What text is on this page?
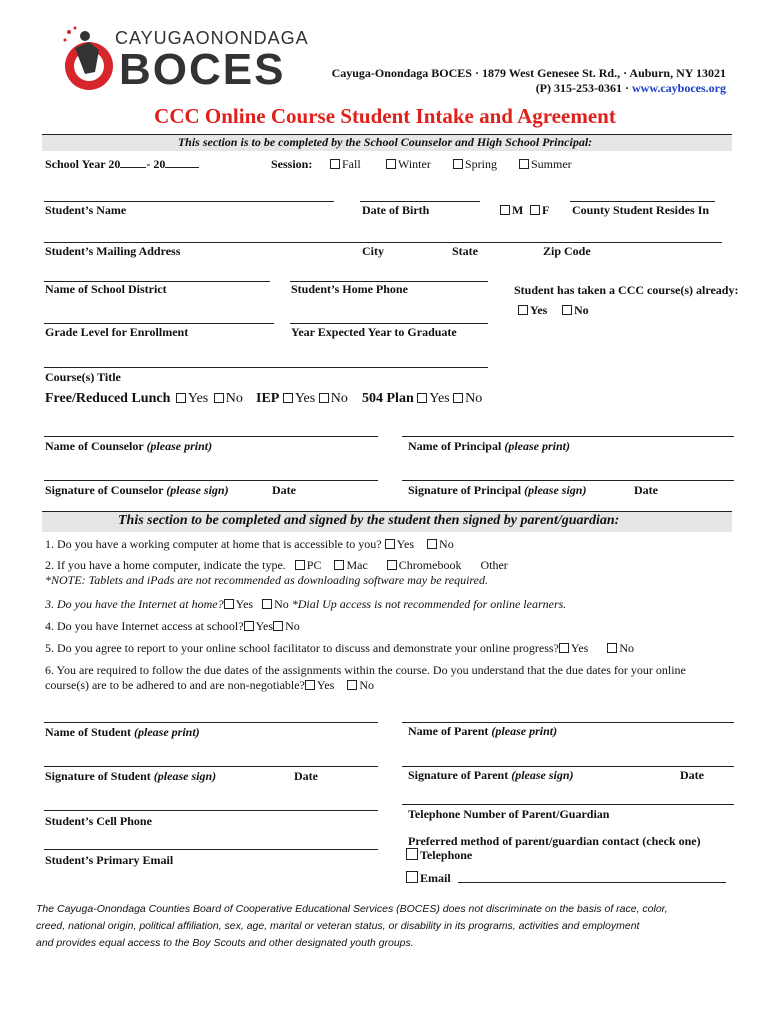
CAYUGAONONDAGA
BOCES	Cayuga-Onondaga BOCES · 1879 West Genesee St. Rd., · Auburn, NY 13021
(P) 315-253-0361 · www.cayboces.org
CCC Online Course Student Intake and Agreement
This section is to be completed by the School Counselor and High School Principal:
School Year 20 - 20	Session:	Fall	Winter	Spring	Summer
Student’s Name	Date of Birth	M	F County Student Resides In
Student’s Mailing Address	City	State	Zip Code
Name of School District	Student’s Home Phone	Student has taken a CCC course(s) already:
Yes	No
Grade Level for Enrollment	Year Expected Year to Graduate
Course(s) Title
Free/Reduced Lunch Yes No IEP Yes No 504 Plan Yes No
Name of Counselor (please print)	Name of Principal (please print)
Signature of Counselor (please sign)	Date	Signature of Principal (please sign)	Date
This section to be completed and signed by the student then signed by parent/guardian:
1. Do you have a working computer at home that is accessible to you? Yes No
2. If you have a home computer, indicate the type. PC Mac	Chromebook Other
*NOTE: Tablets and iPads are not recommended as downloading software may be required.
3. Do you have the Internet at home? Yes No *Dial Up access is not recommended for online learners.
4. Do you have Internet access at school? Yes No
5. Do you agree to report to your online school facilitator to discuss and demonstrate your online progress? Yes	No
6. You are required to follow the due dates of the assignments within the course. Do you understand that the due dates for your online
course(s) are to be adhered to and are non-negotiable? Yes No
Name of Student (please print)	Name of Parent (please print)
Signature of Student (please sign)	Date	Signature of Parent (please sign)	Date
Telephone Number of Parent/Guardian
Student’s Cell Phone
Preferred method of parent/guardian contact (check one)
Telephone
Student’s Primary Email
Email
The Cayuga-Onondaga Counties Board of Cooperative Educational Services (BOCES) does not discriminate on the basis of race, color,
creed, national origin, political affiliation, sex, age, marital or veteran status, or disability in its programs, activities and employment
and provides equal access to the Boy Scouts and other designated youth groups.
